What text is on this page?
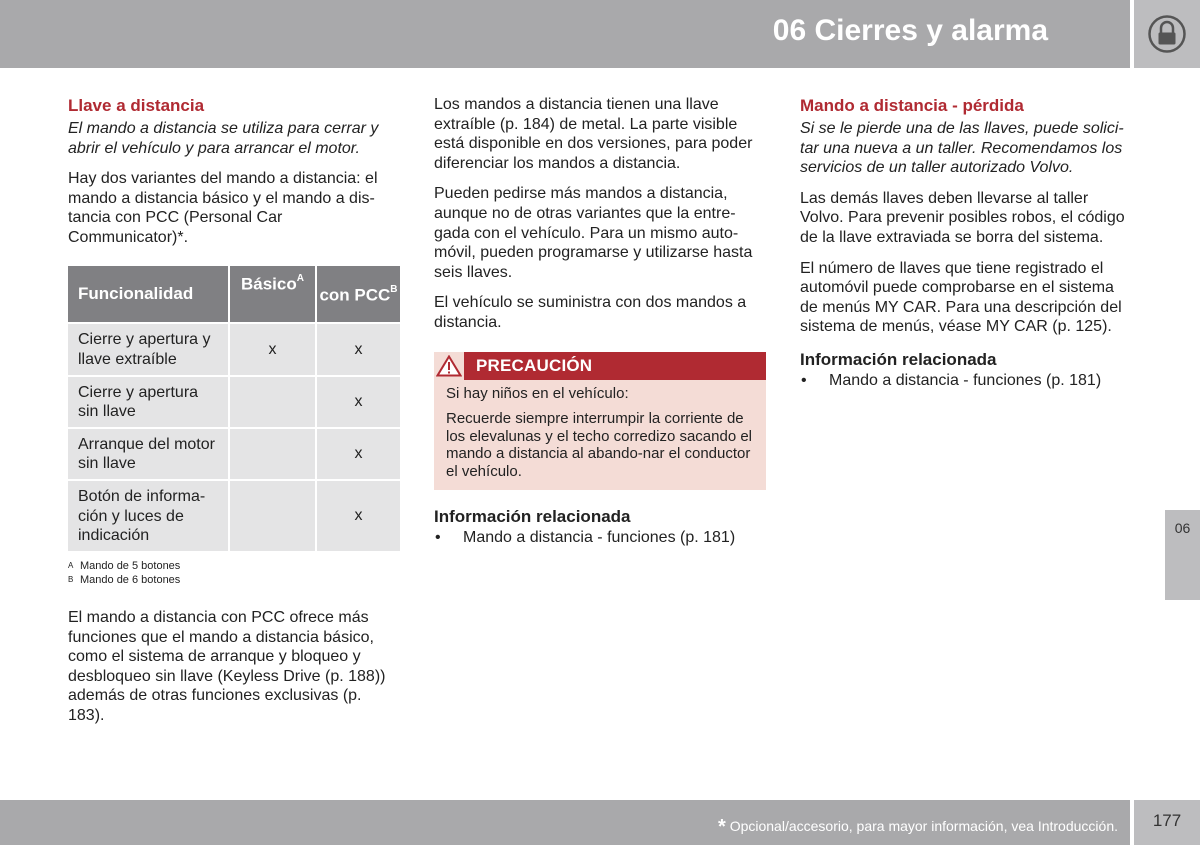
06 Cierres y alarma
Llave a distancia
El mando a distancia se utiliza para cerrar y abrir el vehículo y para arrancar el motor.
Hay dos variantes del mando a distancia: el mando a distancia básico y el mando a dis-tancia con PCC (Personal Car Communicator)*.
Funcionalidad	Básico$^A$	con $PCC^B$
Cierre y apertura y llave extraíble	x	x
Cierre y apertura sin llave		x
Arranque del motor sin llave		x
Botón de informa-ción y luces de indicación		x
A Mando de 5 botones
B Mando de 6 botones
El mando a distancia con PCC ofrece más funciones que el mando a distancia básico, como el sistema de arranque y bloqueo y desbloqueo sin llave (Keyless Drive (p. 188)) además de otras funciones exclusivas (p. 183).
Los mandos a distancia tienen una llave extraíble (p. 184) de metal. La parte visible está disponible en dos versiones, para poder diferenciar los mandos a distancia.
Pueden pedirse más mandos a distancia, aunque no de otras variantes que la entre-gada con el vehículo. Para un mismo auto-móvil, pueden programarse y utilizarse hasta seis llaves.
El vehículo se suministra con dos mandos a distancia.
PRECAUCIÓN
Si hay niños en el vehículo:
Recuerde siempre interrumpir la corriente de los elevalunas y el techo corredizo sacando el mando a distancia al abando-nar el conductor el vehículo.
Información relacionada
•	Mando a distancia - funciones (p. 181)
Mando a distancia - pérdida
Si se le pierde una de las llaves, puede solici-tar una nueva a un taller. Recomendamos los servicios de un taller autorizado Volvo.
Las demás llaves deben llevarse al taller Volvo. Para prevenir posibles robos, el código de la llave extraviada se borra del sistema.
El número de llaves que tiene registrado el automóvil puede comprobarse en el sistema de menús MY CAR. Para una descripción del sistema de menús, véase MY CAR (p. 125).
Información relacionada
•	Mando a distancia - funciones (p. 181)
06
* Opcional/accesorio, para mayor información, vea Introducción.	177
